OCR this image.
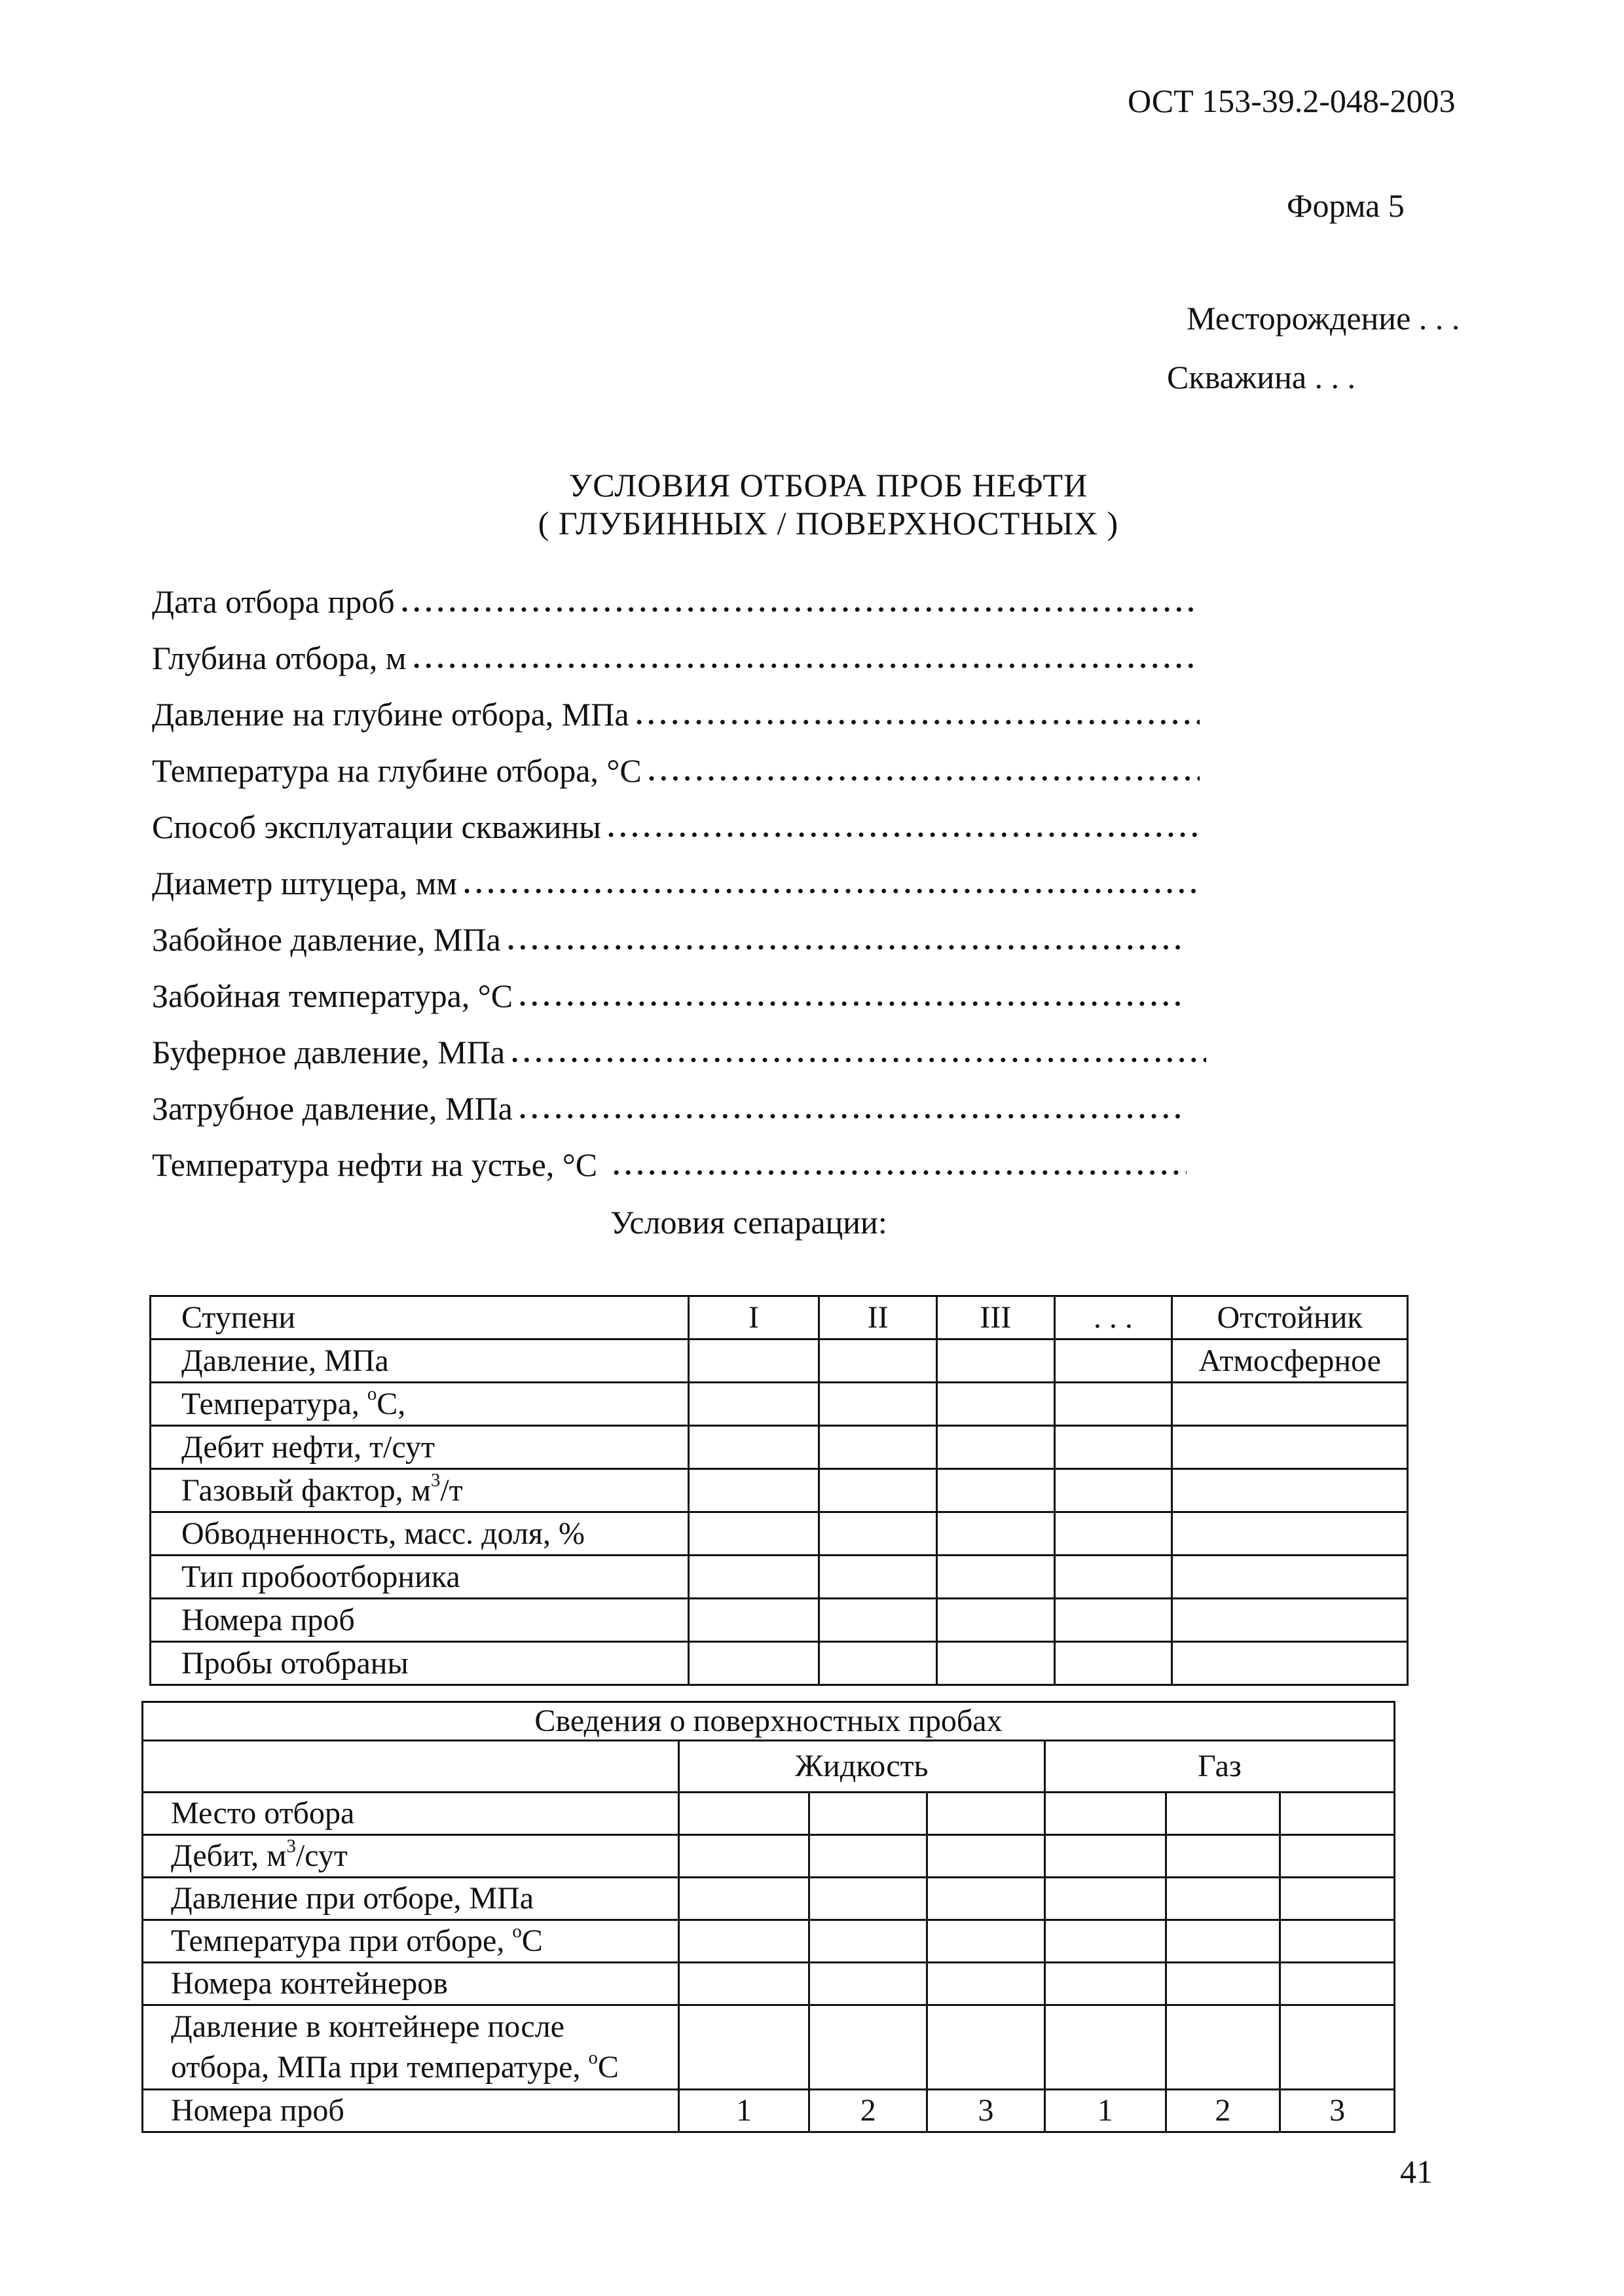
ОСТ 153-39.2-048-2003
Форма 5
Месторождение . . .
Скважина . . .
УСЛОВИЯ ОТБОРА ПРОБ НЕФТИ
( ГЛУБИННЫХ / ПОВЕРХНОСТНЫХ )
Дата отбора проб
Глубина отбора, м
Давление на глубине отбора, МПа
Температура на глубине отбора, °С
Способ эксплуатации скважины
Диаметр штуцера, мм
Забойное давление, МПа
Забойная температура, °С
Буферное давление, МПа
Затрубное давление, МПа
Температура нефти на устье, °С
Условия сепарации:
Ступени	I	II	III	. . .	Отстойник
Давление, МПа					Атмосферное
Температура, $^o$С,					
Дебит нефти, т/сут					
Газовый фактор, $м^3/т$					
Обводненность, масс. доля, %					
Тип пробоотборника					
Номера проб					
Пробы отобраны					
Сведения о поверхностных пробах						
	Жидкость			Газ		
Место отбора						
Дебит, $м^3$/сут						
Давление при отборе, МПа						
Температура при отборе, $^o$С						
Номера контейнеров						
Давление в контейнере после
отбора, МПа при температуре, $^o$С						
Номера проб	1	2	3	1	2	3
41
